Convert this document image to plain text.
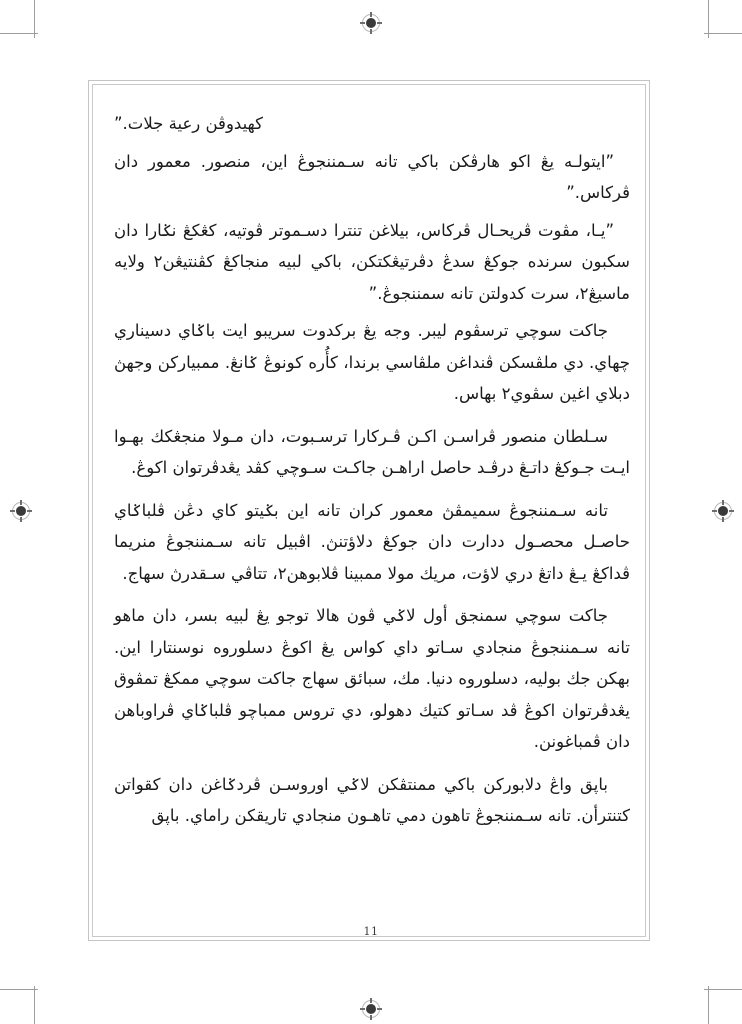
كهيدوڤن رعية جلات.”

”ايتولـه يڠ اكو هارڤكن باكي تانه سـمننجوڠ اين، منصور. معمور دان ڤركاس.”

”يـا، مڤوت ڤريحـال ڤركاس، بيلاغن تنترا دسـموتر ڤوتيه، كڠكڠ نݢارا دان سكبون سرنده جوكڠ سدڠ دڤرتيڠكتكن، باكي لبيه منجاكڠ كڤنتيڠن٢ ولايه ماسيڠ٢، سرت كدولتن تانه سمننجوڠ.”

جاكت سوچي ترسڤوم ليبر. وجه يڠ بركدوت سريبو ايت باݢاي دسيناري چهاي. دي ملڤسكن ڤنداغن ملڤاسي برندا، كأُره كونوڠ ݢانڠ. ممبياركن وجهڽ دبلاي اغين سڤوي٢ بهاس.

سـلطان منصور ڤراسـن اكـن ڤـركارا ترسـبوت، دان مـولا منجڠكك بهـوا ايـت جـوكڠ داتـڠ درڤـد حاصل اراهـن جاكـت سـوچي كڤد يڠدڤرتوان اكوڠ.

تانه سـمننجوڠ سميمڤڽ معمور كران تانه اين بݢيتو كاي دڠن ڤلباݢاي حاصـل محصـول ددارت دان جوكڠ دلاؤتنڽ. اڤبيل تانه سـمننجوڠ منريما ڤداكڠ يـڠ داتڠ دري لاؤت، مريك مولا ممبينا ڤلابوهن٢، تتاڤي سـقدرڽ سهاج.

جاكت سوچي سمنجق أول لاݢي ڤون هالا توجو يڠ لبيه بسر، دان ماهو تانه سـمننجوڠ منجادي سـاتو داي كواس يڠ اكوڠ دسلوروه نوسنتارا اين. بهكن جك بوليه، دسلوروه دنيا. مك، سبائق سهاج جاكت سوچي ممكڠ تمڤوق يڠدڤرتوان اكوڠ ڤد سـاتو كتيك دهولو، دي تروس ممباچو ڤلباݢاي ڤراوباهن دان ڤمباغونن.

باڽق واڠ دلابوركن باكي ممنتڤكن لاݢي اوروسـن ڤردݢاغن دان كقواتن كتنترأن. تانه سـمننجوڠ تاهون دمي تاهـون منجادي تاريقكن راماي. باڽق

11
